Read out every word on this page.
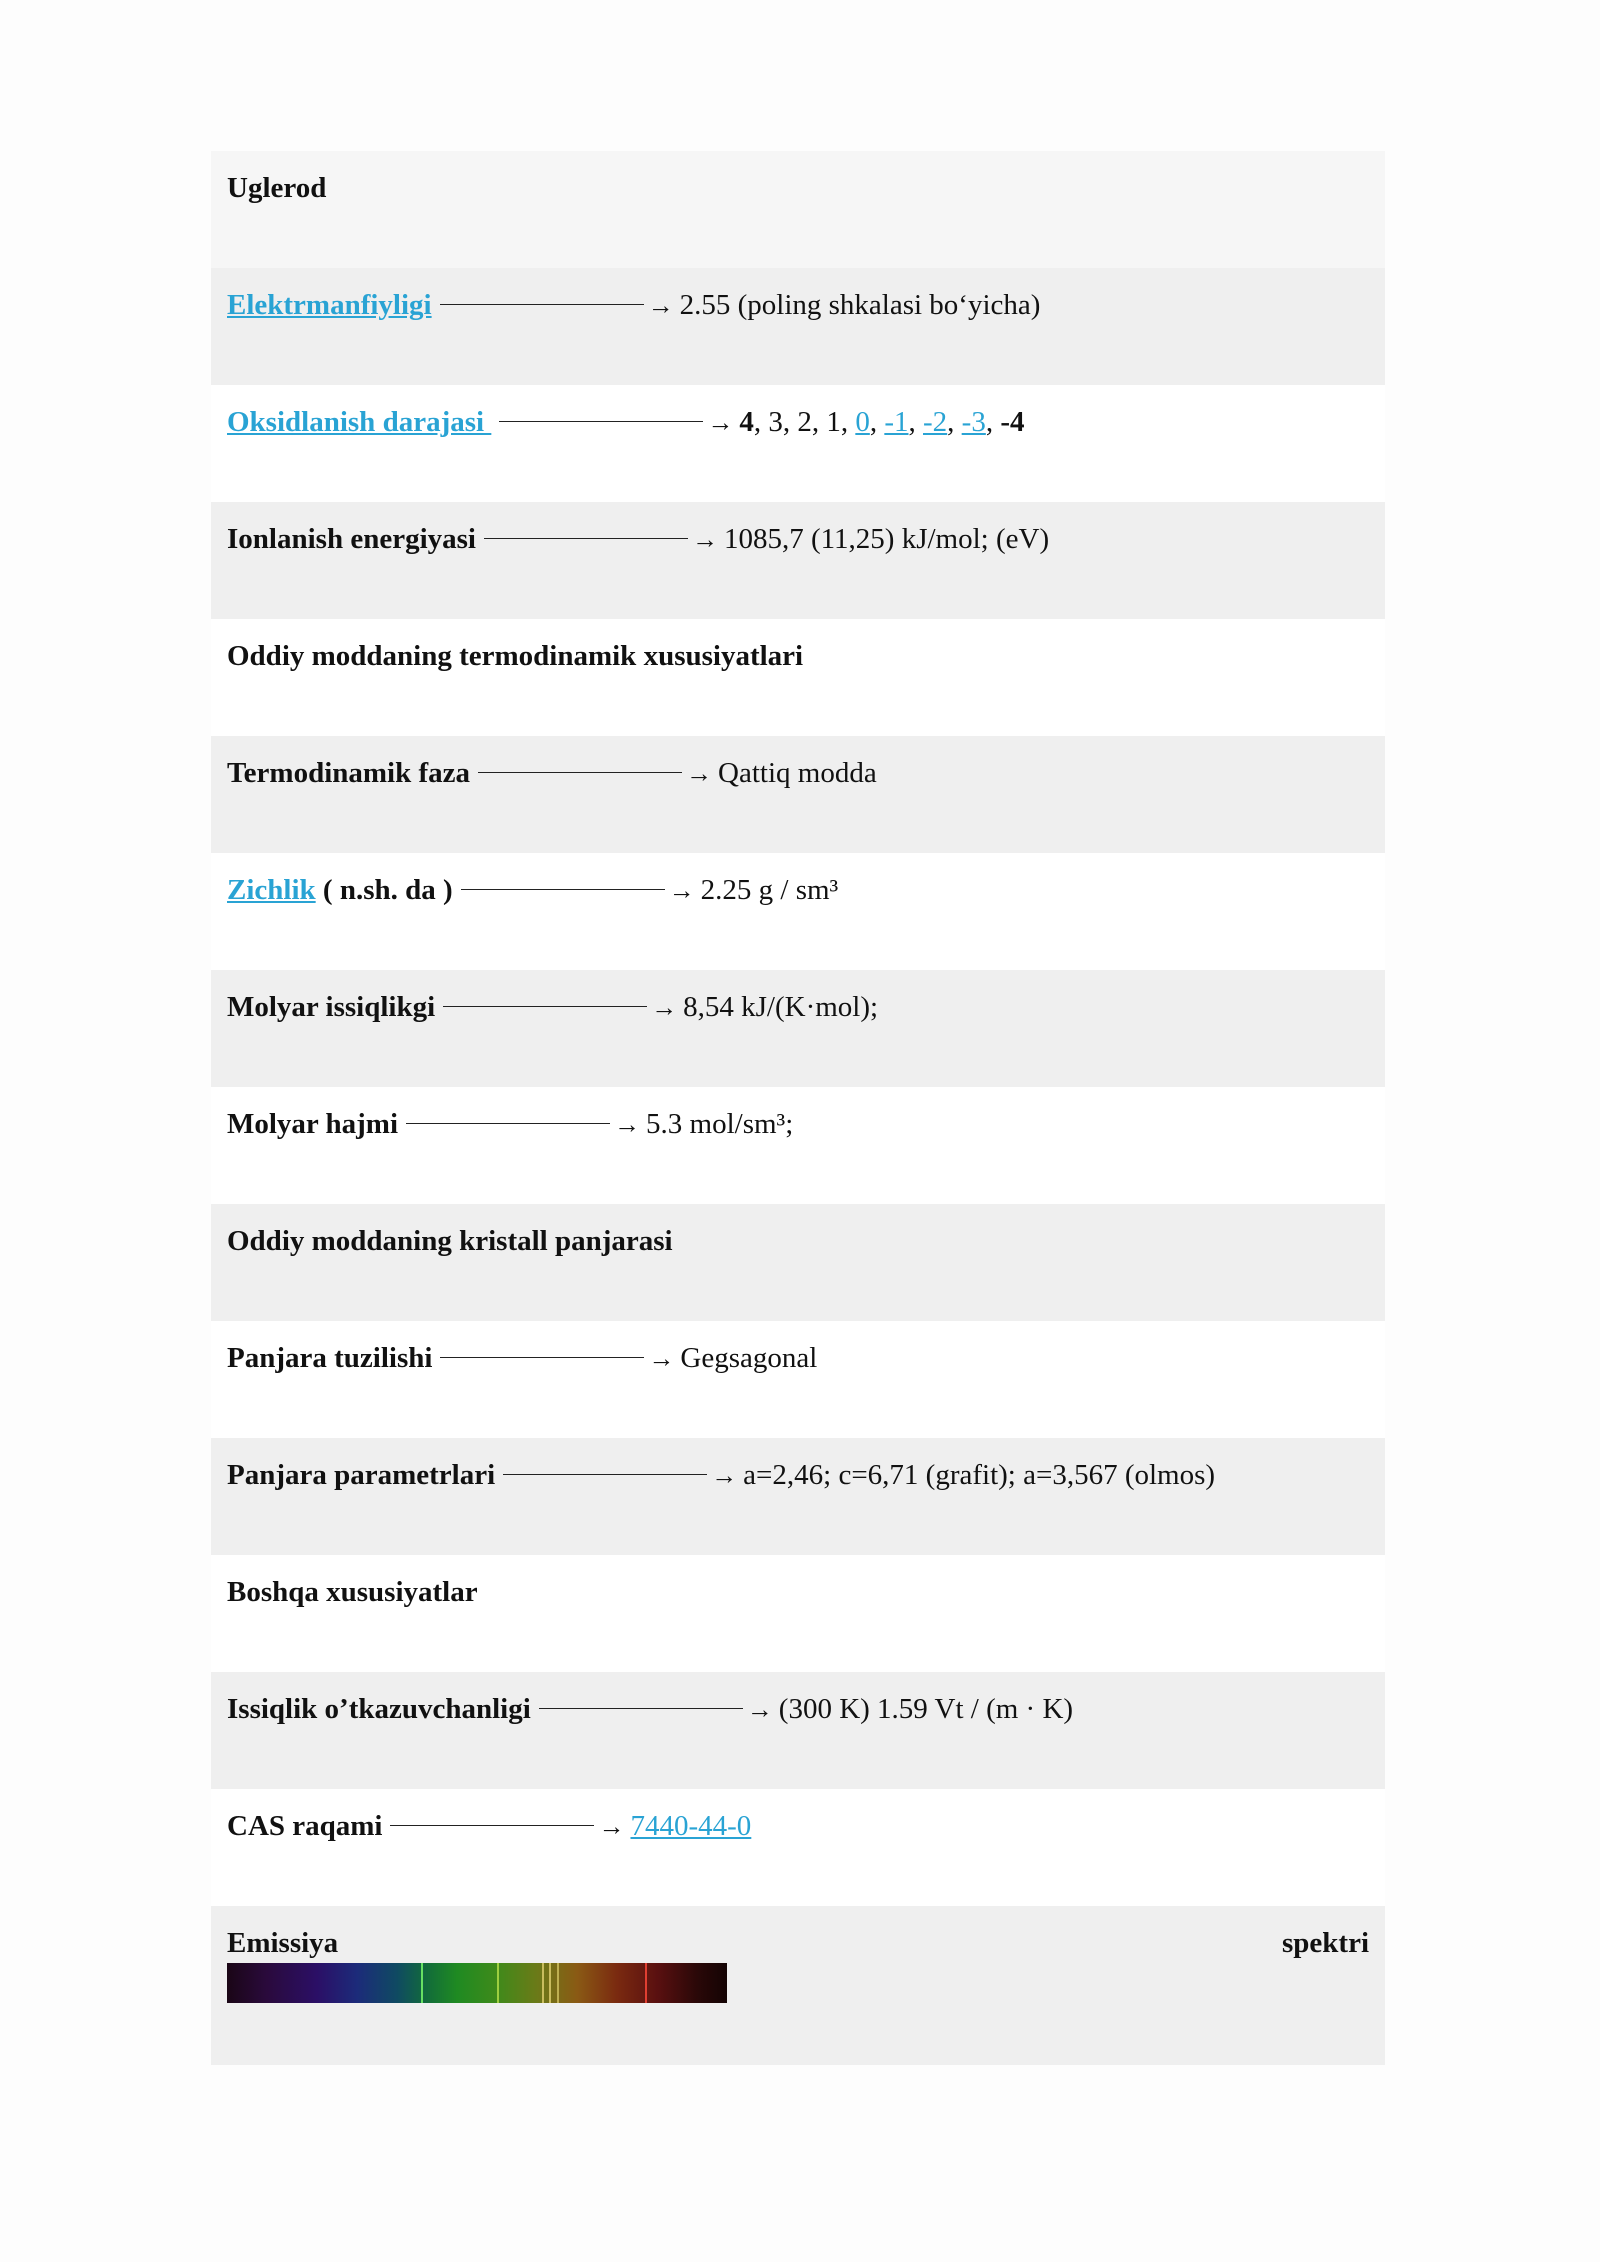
Uglerod
Elektrmanfiyligi	→ 2.55 (poling shkalasi bo‘yicha)
Oksidlanish darajasi	→ 4, 3, 2, 1, 0, -1, -2, -3, -4
Ionlanish energiyasi	→ 1085,7 (11,25) kJ/mol; (eV)
Oddiy moddaning termodinamik xususiyatlari
Termodinamik faza	→ Qattiq modda
Zichlik ( n.sh. da )	→ 2.25 g / sm³
Molyar issiqlikgi	→ 8,54 kJ/(K·mol);
Molyar hajmi	→ 5.3 mol/sm³;
Oddiy moddaning kristall panjarasi
Panjara tuzilishi	→ Gegsagonal
Panjara parametrlari	→ a=2,46; c=6,71 (grafit); a=3,567 (olmos)
Boshqa xususiyatlar
Issiqlik o’tkazuvchanligi	→ (300 K) 1.59 Vt / (m · K)
CAS raqami	→ 7440-44-0
Emissiya	spektri
